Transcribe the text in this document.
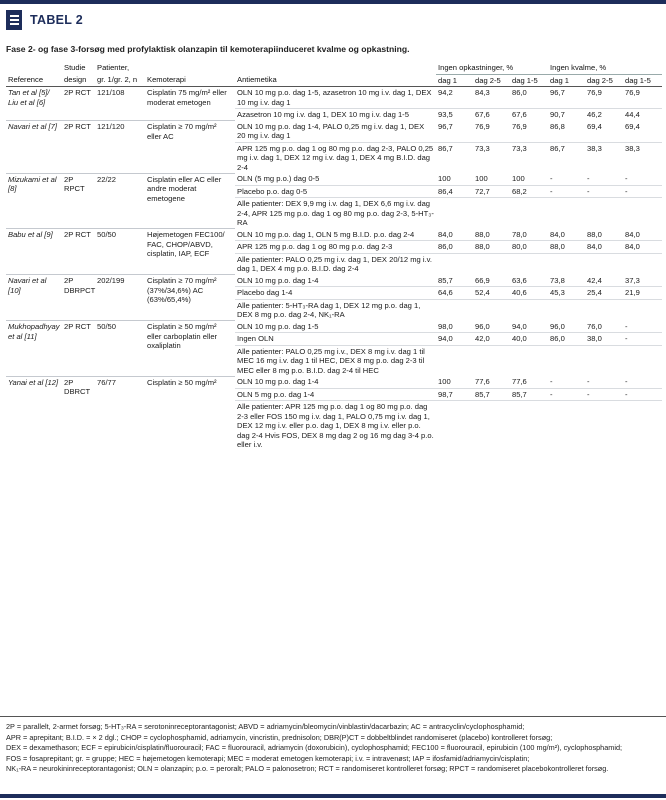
TABEL 2
Fase 2- og fase 3-forsøg med profylaktisk olanzapin til kemoterapiinduceret kvalme og opkastning.
	Studie	Patienter,			Ingen opkastninger, %			Ingen kvalme, %		
Reference	design	gr. 1/gr. 2, n	Kemoterapi	Antiemetika	dag 1	dag 2-5	dag 1-5	dag 1	dag 2-5	dag 1-5
Tan et al [5]/ Liu et al [6]	2P RCT	121/108	Cisplatin 75 mg/m² eller moderat emetogen	OLN 10 mg p.o. dag 1-5, azasetron 10 mg i.v. dag 1, DEX 10 mg i.v. dag 1	94,2	84,3	86,0	96,7	76,9	76,9
				Azasetron 10 mg i.v. dag 1, DEX 10 mg i.v. dag 1-5	93,5	67,6	67,6	90,7	46,2	44,4
Navari et al [7]	2P RCT	121/120	Cisplatin ≥ 70 mg/m² eller AC	OLN 10 mg p.o. dag 1-4, PALO 0,25 mg i.v. dag 1, DEX 20 mg i.v. dag 1	96,7	76,9	76,9	86,8	69,4	69,4
				APR 125 mg p.o. dag 1 og 80 mg p.o. dag 2-3, PALO 0,25 mg i.v. dag 1, DEX 12 mg i.v. dag 1, DEX 4 mg B.I.D. dag 2-4	86,7	73,3	73,3	86,7	38,3	38,3
Mizukami et al [8]	2P RPCT	22/22	Cisplatin eller AC eller andre moderat emetogene	OLN (5 mg p.o.) dag 0-5	100	100	100	-	-	-
				Placebo p.o. dag 0-5	86,4	72,7	68,2	-	-	-
				Alle patienter: DEX 9,9 mg i.v. dag 1, DEX 6,6 mg i.v. dag 2-4, APR 125 mg p.o. dag 1 og 80 mg p.o. dag 2-3, 5-HT₃-RA						
Babu et al [9]	2P RCT	50/50	Højemetogen FEC100/ FAC, CHOP/ABVD, cisplatin, IAP, ECF	OLN 10 mg p.o. dag 1, OLN 5 mg B.I.D. p.o. dag 2-4	84,0	88,0	78,0	84,0	88,0	84,0
				APR 125 mg p.o. dag 1 og 80 mg p.o. dag 2-3	86,0	88,0	80,0	88,0	84,0	84,0
				Alle patienter: PALO 0,25 mg i.v. dag 1, DEX 20/12 mg i.v. dag 1, DEX 4 mg p.o. B.I.D. dag 2-4						
Navari et al [10]	2P DBRPCT	202/199	Cisplatin ≥ 70 mg/m² (37%/34,6%) AC (63%/65,4%)	OLN 10 mg p.o. dag 1-4	85,7	66,9	63,6	73,8	42,4	37,3
				Placebo dag 1-4	64,6	52,4	40,6	45,3	25,4	21,9
				Alle patienter: 5-HT₃-RA dag 1, DEX 12 mg p.o. dag 1, DEX 8 mg p.o. dag 2-4, NK₁-RA						
Mukhopadhyay et al [11]	2P RCT	50/50	Cisplatin ≥ 50 mg/m² eller carboplatin eller oxaliplatin	OLN 10 mg p.o. dag 1-5	98,0	96,0	94,0	96,0	76,0	-
				Ingen OLN	94,0	42,0	40,0	86,0	38,0	-
				Alle patienter: PALO 0,25 mg i.v., DEX 8 mg i.v. dag 1 til MEC 16 mg i.v. dag 1 til HEC, DEX 8 mg p.o. dag 2-3 til MEC eller 8 mg p.o. B.I.D. dag 2-4 til HEC						
Yanai et al [12]	2P DBRCT	76/77	Cisplatin ≥ 50 mg/m²	OLN 10 mg p.o. dag 1-4	100	77,6	77,6	-	-	-
				OLN 5 mg p.o. dag 1-4	98,7	85,7	85,7	-	-	-
				Alle patienter: APR 125 mg p.o. dag 1 og 80 mg p.o. dag 2-3 eller FOS 150 mg i.v. dag 1, PALO 0,75 mg i.v. dag 1, DEX 12 mg i.v. eller p.o. dag 1, DEX 8 mg i.v. eller p.o. dag 2-4 Hvis FOS, DEX 8 mg dag 2 og 16 mg dag 3-4 p.o. eller i.v.						
2P = parallelt, 2-armet forsøg; 5-HT₃-RA = serotoninreceptorantagonist; ABVD = adriamycin/bleomycin/vinblastin/dacarbazin; AC = antracyclin/cyclophosphamid;
APR = aprepitant; B.I.D. = × 2 dgl.; CHOP = cyclophosphamid, adriamycin, vincristin, prednisolon; DBR(P)CT = dobbeltblindet randomiseret (placebo) kontrolleret forsøg;
DEX = dexamethason; ECF = epirubicin/cisplatin/fluorouracil; FAC = fluorouracil, adriamycin (doxorubicin), cyclophosphamid; FEC100 = fluorouracil, epirubicin (100 mg/m²), cyclophosphamid;
FOS = fosaprepitant; gr. = gruppe; HEC = højemetogen kemoterapi; MEC = moderat emetogen kemoterapi; i.v. = intravenøst; IAP = ifosfamid/adriamycin/cisplatin;
NK₁-RA = neurokininreceptorantagonist; OLN = olanzapin; p.o. = peroralt; PALO = palonosetron; RCT = randomiseret kontrolleret forsøg; RPCT = randomiseret placebokontrolleret forsøg.
